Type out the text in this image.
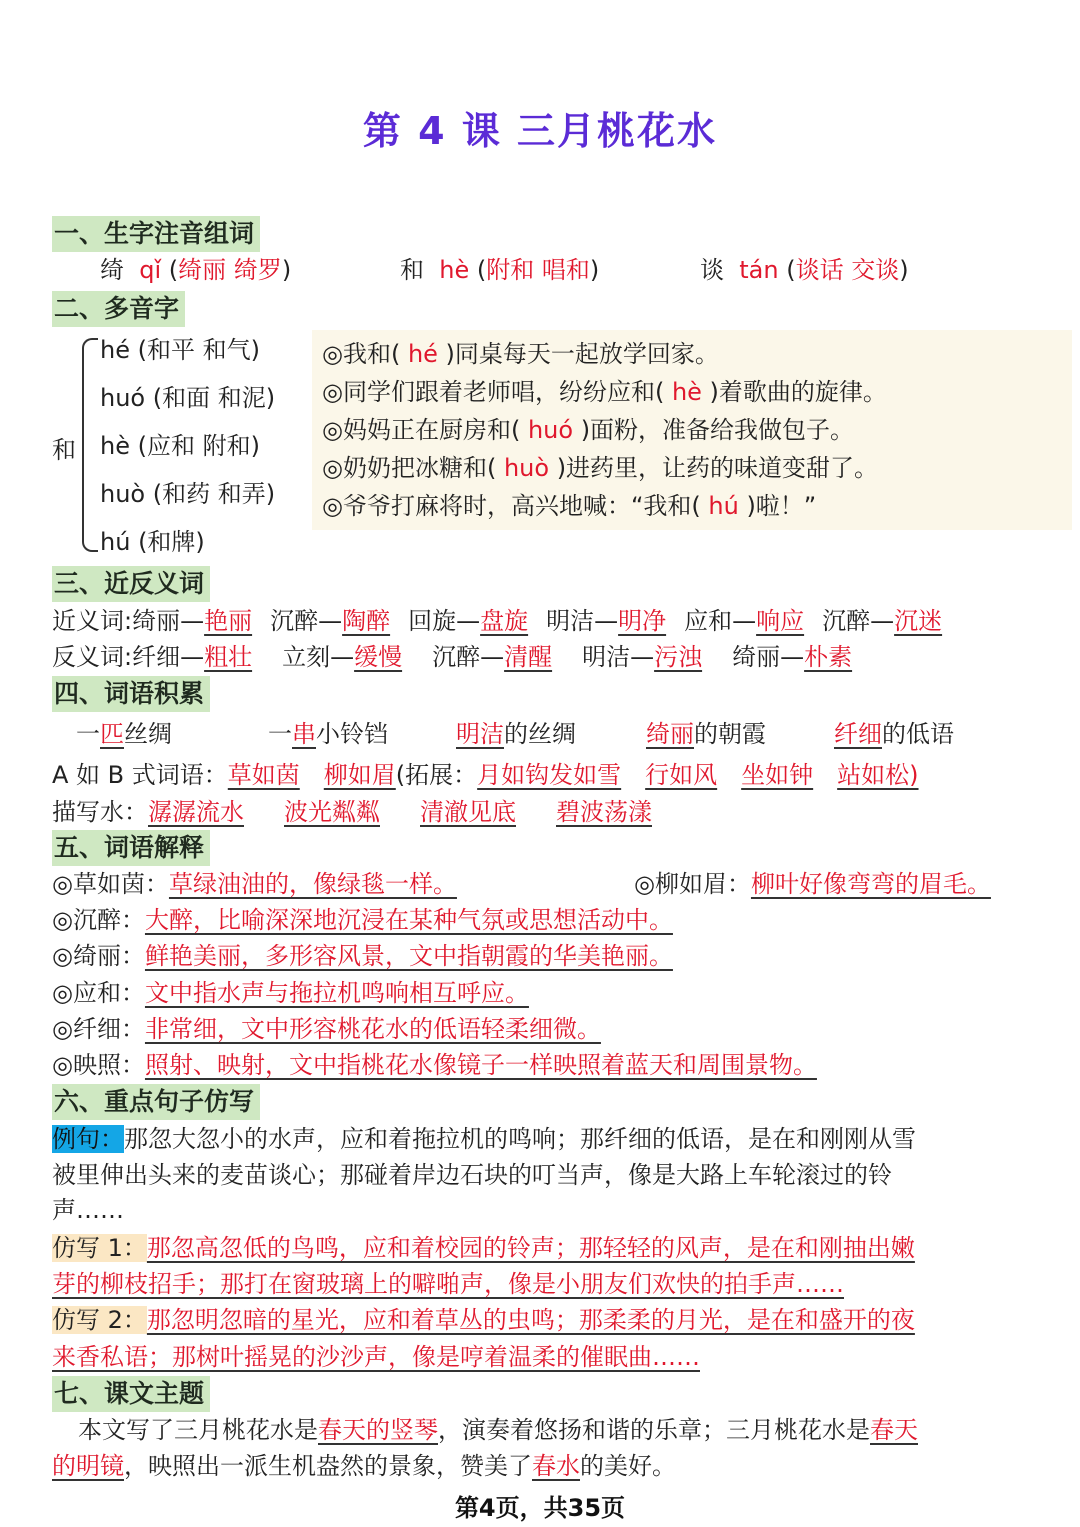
第 4 课 三月桃花水
一、生字注音组词
绮 qǐ (绮丽 绮罗)	和 hè (附和 唱和)	谈 tán (谈话 交谈)
二、多音字
和
hé (和平 和气)
huó (和面 和泥)
hè (应和 附和)
huò (和药 和弄)
hú (和牌)
◎我和( hé )同桌每天一起放学回家。
◎同学们跟着老师唱，纷纷应和( hè )着歌曲的旋律。
◎妈妈正在厨房和( huó )面粉，准备给我做包子。
◎奶奶把冰糖和( huò )进药里，让药的味道变甜了。
◎爷爷打麻将时，高兴地喊：“我和( hú )啦！”
三、近反义词
近义词:绮丽—艳丽 沉醉—陶醉 回旋—盘旋 明洁—明净 应和—响应 沉醉—沉迷
反义词:纤细—粗壮 立刻—缓慢 沉醉—清醒 明洁—污浊 绮丽—朴素
四、词语积累
一匹丝绸	一串小铃铛	明洁的丝绸	绮丽的朝霞	纤细的低语
A 如 B 式词语：草如茵 柳如眉(拓展：月如钩发如雪 行如风 坐如钟 站如松)
描写水：潺潺流水 波光粼粼 清澈见底 碧波荡漾
五、词语解释
◎草如茵：草绿油油的，像绿毯一样。	◎柳如眉：柳叶好像弯弯的眉毛。
◎沉醉：大醉，比喻深深地沉浸在某种气氛或思想活动中。
◎绮丽：鲜艳美丽，多形容风景，文中指朝霞的华美艳丽。
◎应和：文中指水声与拖拉机鸣响相互呼应。
◎纤细：非常细，文中形容桃花水的低语轻柔细微。
◎映照：照射、映射，文中指桃花水像镜子一样映照着蓝天和周围景物。
六、重点句子仿写
例句：那忽大忽小的水声，应和着拖拉机的鸣响；那纤细的低语，是在和刚刚从雪
被里伸出头来的麦苗谈心；那碰着岸边石块的叮当声，像是大路上车轮滚过的铃
声……
仿写 1：那忽高忽低的鸟鸣，应和着校园的铃声；那轻轻的风声，是在和刚抽出嫩
芽的柳枝招手；那打在窗玻璃上的噼啪声，像是小朋友们欢快的拍手声……
仿写 2：那忽明忽暗的星光，应和着草丛的虫鸣；那柔柔的月光，是在和盛开的夜
来香私语；那树叶摇晃的沙沙声，像是哼着温柔的催眠曲……
七、课文主题
本文写了三月桃花水是春天的竖琴，演奏着悠扬和谐的乐章；三月桃花水是春天
的明镜，映照出一派生机盎然的景象，赞美了春水的美好。
第4页，共35页
